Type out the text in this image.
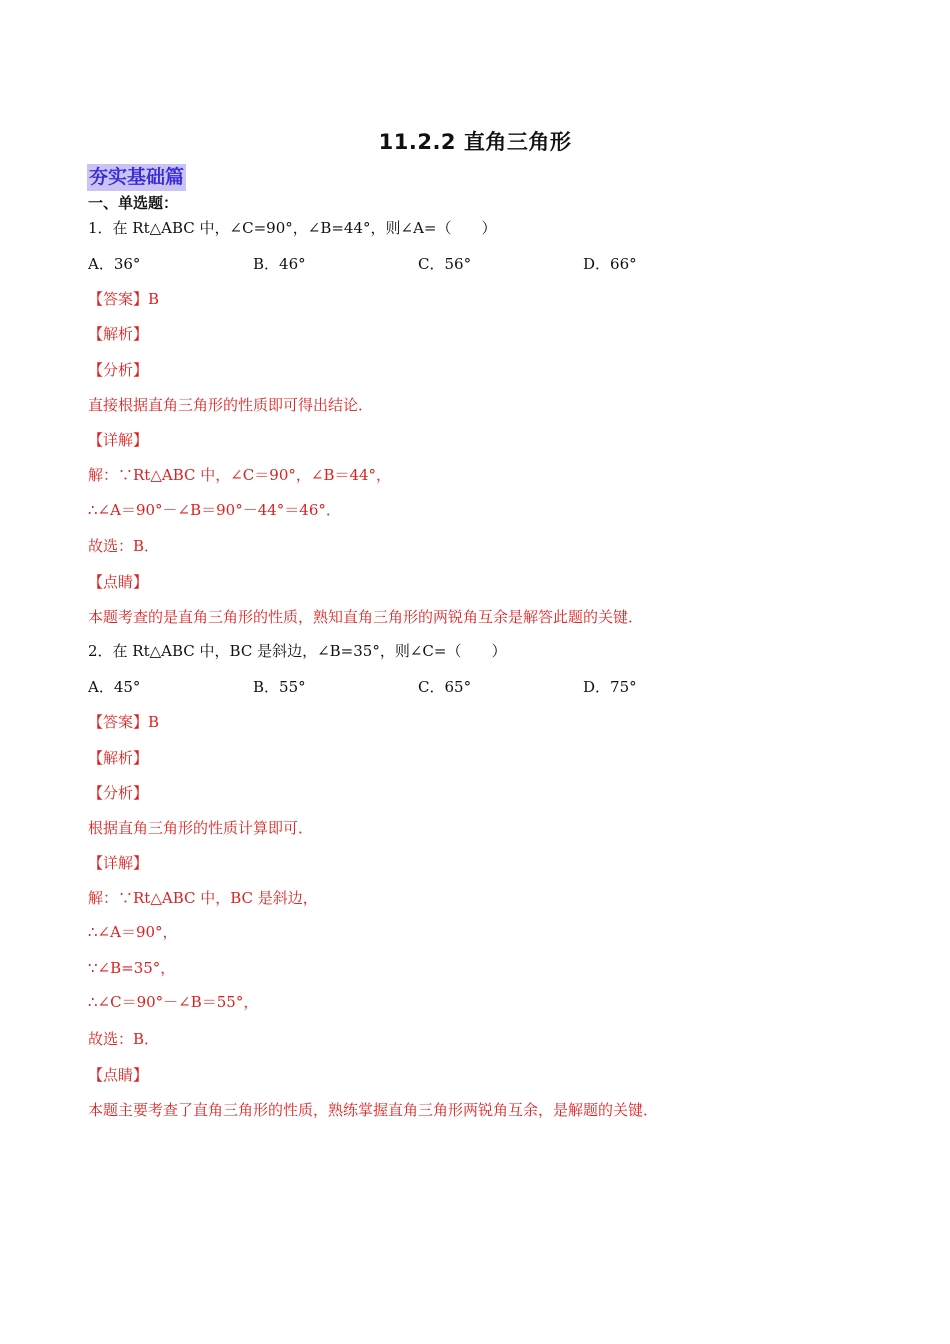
11.2.2 直角三角形
夯实基础篇
一、单选题：
1．在 Rt△ABC 中，∠C=90°，∠B=44°，则∠A=（　　）
A．36°	B．46°	C．56°	D．66°
【答案】B
【解析】
【分析】
直接根据直角三角形的性质即可得出结论．
【详解】
解：∵Rt△ABC 中，∠C＝90°，∠B＝44°，
∴∠A＝90°－∠B＝90°－44°＝46°．
故选：B．
【点睛】
本题考查的是直角三角形的性质，熟知直角三角形的两锐角互余是解答此题的关键．
2．在 Rt△ABC 中，BC 是斜边，∠B=35°，则∠C=（　　）
A．45°	B．55°	C．65°	D．75°
【答案】B
【解析】
【分析】
根据直角三角形的性质计算即可．
【详解】
解：∵Rt△ABC 中，BC 是斜边，
∴∠A＝90°，
∵∠B=35°，
∴∠C＝90°－∠B＝55°，
故选：B．
【点睛】
本题主要考查了直角三角形的性质，熟练掌握直角三角形两锐角互余，是解题的关键．
